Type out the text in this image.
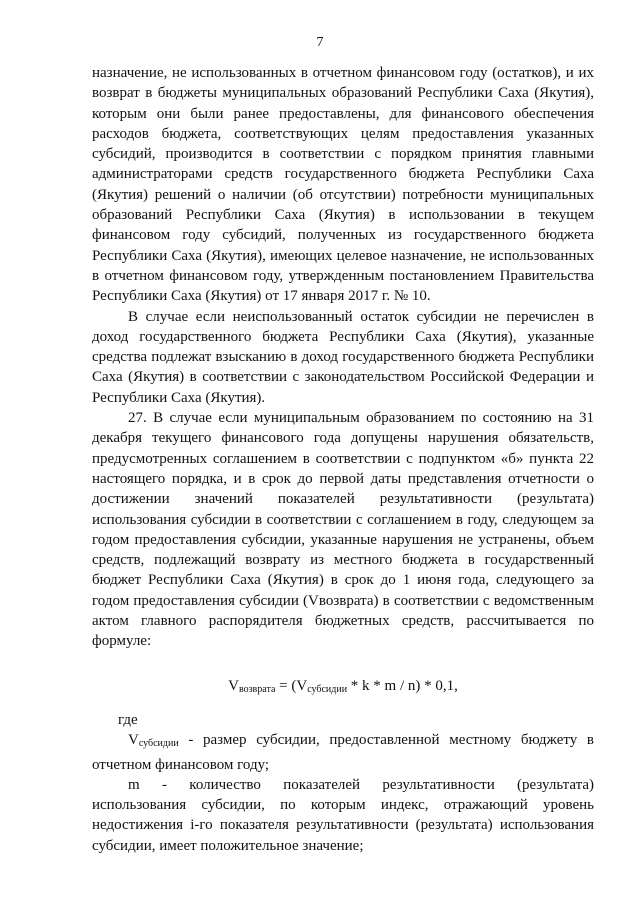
7

назначение, не использованных в отчетном финансовом году (остатков), и их возврат в бюджеты муниципальных образований Республики Саха (Якутия), которым они были ранее предоставлены, для финансового обеспечения расходов бюджета, соответствующих целям предоставления указанных субсидий, производится в соответствии с порядком принятия главными администраторами средств государственного бюджета Республики Саха (Якутия) решений о наличии (об отсутствии) потребности муниципальных образований Республики Саха (Якутия) в использовании в текущем финансовом году субсидий, полученных из государственного бюджета Республики Саха (Якутия), имеющих целевое назначение, не использованных в отчетном финансовом году, утвержденным постановлением Правительства Республики Саха (Якутия) от 17 января 2017 г. № 10.

В случае если неиспользованный остаток субсидии не перечислен в доход государственного бюджета Республики Саха (Якутия), указанные средства подлежат взысканию в доход государственного бюджета Республики Саха (Якутия) в соответствии с законодательством Российской Федерации и Республики Саха (Якутия).

27. В случае если муниципальным образованием по состоянию на 31 декабря текущего финансового года допущены нарушения обязательств, предусмотренных соглашением в соответствии с подпунктом «б» пункта 22 настоящего порядка, и в срок до первой даты представления отчетности о достижении значений показателей результативности (результата) использования субсидии в соответствии с соглашением в году, следующем за годом предоставления субсидии, указанные нарушения не устранены, объем средств, подлежащий возврату из местного бюджета в государственный бюджет Республики Саха (Якутия) в срок до 1 июня года, следующего за годом предоставления субсидии (Vвозврата) в соответствии с ведомственным актом главного распорядителя бюджетных средств, рассчитывается по формуле:

$V_{возврата} = (V_{субсидии} * k * m / n) * 0,1$,

где

$V_{субсидии}$ - размер субсидии, предоставленной местному бюджету в отчетном финансовом году;

m - количество показателей результативности (результата) использования субсидии, по которым индекс, отражающий уровень недостижения i-го показателя результативности (результата) использования субсидии, имеет положительное значение;
